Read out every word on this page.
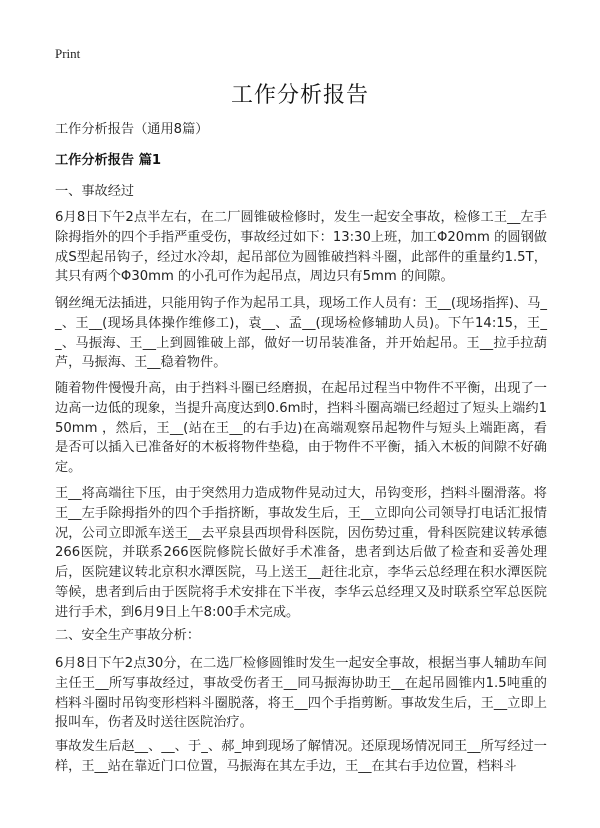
Print
工作分析报告
工作分析报告（通用8篇）
工作分析报告 篇1
一、事故经过
6月8日下午2点半左右，在二厂圆锥破检修时，发生一起安全事故，检修工王__左手除拇指外的四个手指严重受伤，事故经过如下：13:30上班，加工Φ20mm 的圆钢做成S型起吊钩子，经过水冷却，起吊部位为圆锥破挡料斗圈，此部件的重量约1.5T，其只有两个Φ30mm 的小孔可作为起吊点，周边只有5mm 的间隙。
钢丝绳无法插进，只能用钩子作为起吊工具，现场工作人员有：王__(现场指挥)、马__、王__(现场具体操作维修工)，袁__、孟__(现场检修辅助人员)。下午14:15，王__、马振海、王__上到圆锥破上部，做好一切吊装准备，并开始起吊。王__拉手拉葫芦，马振海、王__稳着物件。
随着物件慢慢升高，由于挡料斗圈已经磨损，在起吊过程当中物件不平衡，出现了一边高一边低的现象，当提升高度达到0.6m时，挡料斗圈高端已经超过了短头上端约150mm ，然后，王__(站在王__的右手边)在高端观察吊起物件与短头上端距离，看是否可以插入已准备好的木板将物件垫稳，由于物件不平衡，插入木板的间隙不好确定。
王__将高端往下压，由于突然用力造成物件晃动过大，吊钩变形，挡料斗圈滑落。将王__左手除拇指外的四个手指挤断，事故发生后，王__立即向公司领导打电话汇报情况，公司立即派车送王__去平泉县西坝骨科医院，因伤势过重，骨科医院建议转承德266医院，并联系266医院修院长做好手术准备，患者到达后做了检查和妥善处理后，医院建议转北京积水潭医院，马上送王__赶往北京，李华云总经理在积水潭医院等候，患者到后由于医院将手术安排在下半夜，李华云总经理又及时联系空军总医院进行手术，到6月9日上午8:00手术完成。
二、安全生产事故分析：
6月8日下午2点30分，在二选厂检修圆锥时发生一起安全事故，根据当事人辅助车间主任王__所写事故经过，事故受伤者王__同马振海协助王__在起吊圆锥内1.5吨重的档料斗圈时吊钩变形档料斗圈脱落，将王__四个手指剪断。事故发生后，王__立即上报叫车，伤者及时送往医院治疗。
事故发生后赵__、__、于_、郝_坤到现场了解情况。还原现场情况同王__所写经过一样，王__站在靠近门口位置，马振海在其左手边，王__在其右手边位置，档料斗
